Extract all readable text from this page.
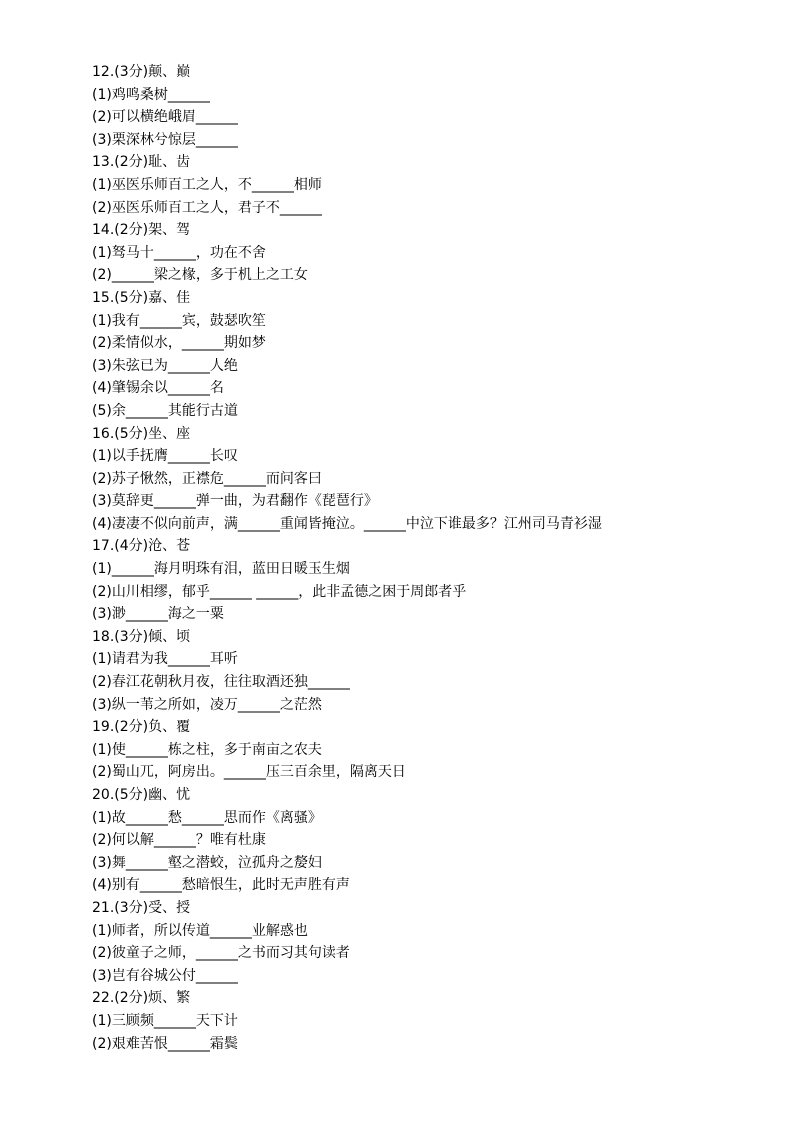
12.(3分)颠、巅
(1)鸡鸣桑树______
(2)可以横绝峨眉______
(3)栗深林兮惊层______
13.(2分)耻、齿
(1)巫医乐师百工之人，不______相师
(2)巫医乐师百工之人，君子不______
14.(2分)架、驾
(1)驽马十______，功在不舍
(2)______梁之椽，多于机上之工女
15.(5分)嘉、佳
(1)我有______宾，鼓瑟吹笙
(2)柔情似水，______期如梦
(3)朱弦已为______人绝
(4)肇锡余以______名
(5)余______其能行古道
16.(5分)坐、座
(1)以手抚膺______长叹
(2)苏子愀然，正襟危______而问客曰
(3)莫辞更______弹一曲，为君翻作《琵琶行》
(4)凄凄不似向前声，满______重闻皆掩泣。______中泣下谁最多？江州司马青衫湿
17.(4分)沧、苍
(1)______海月明珠有泪，蓝田日暖玉生烟
(2)山川相缪，郁乎______ ______，此非孟德之困于周郎者乎
(3)渺______海之一粟
18.(3分)倾、顷
(1)请君为我______耳听
(2)春江花朝秋月夜，往往取酒还独______
(3)纵一苇之所如，凌万______之茫然
19.(2分)负、覆
(1)使______栋之柱，多于南亩之农夫
(2)蜀山兀，阿房出。______压三百余里，隔离天日
20.(5分)幽、忧
(1)故______愁______思而作《离骚》
(2)何以解______？唯有杜康
(3)舞______壑之潜蛟，泣孤舟之嫠妇
(4)别有______愁暗恨生，此时无声胜有声
21.(3分)受、授
(1)师者，所以传道______业解惑也
(2)彼童子之师，______之书而习其句读者
(3)岂有谷城公付______
22.(2分)烦、繁
(1)三顾频______天下计
(2)艰难苦恨______霜鬓
